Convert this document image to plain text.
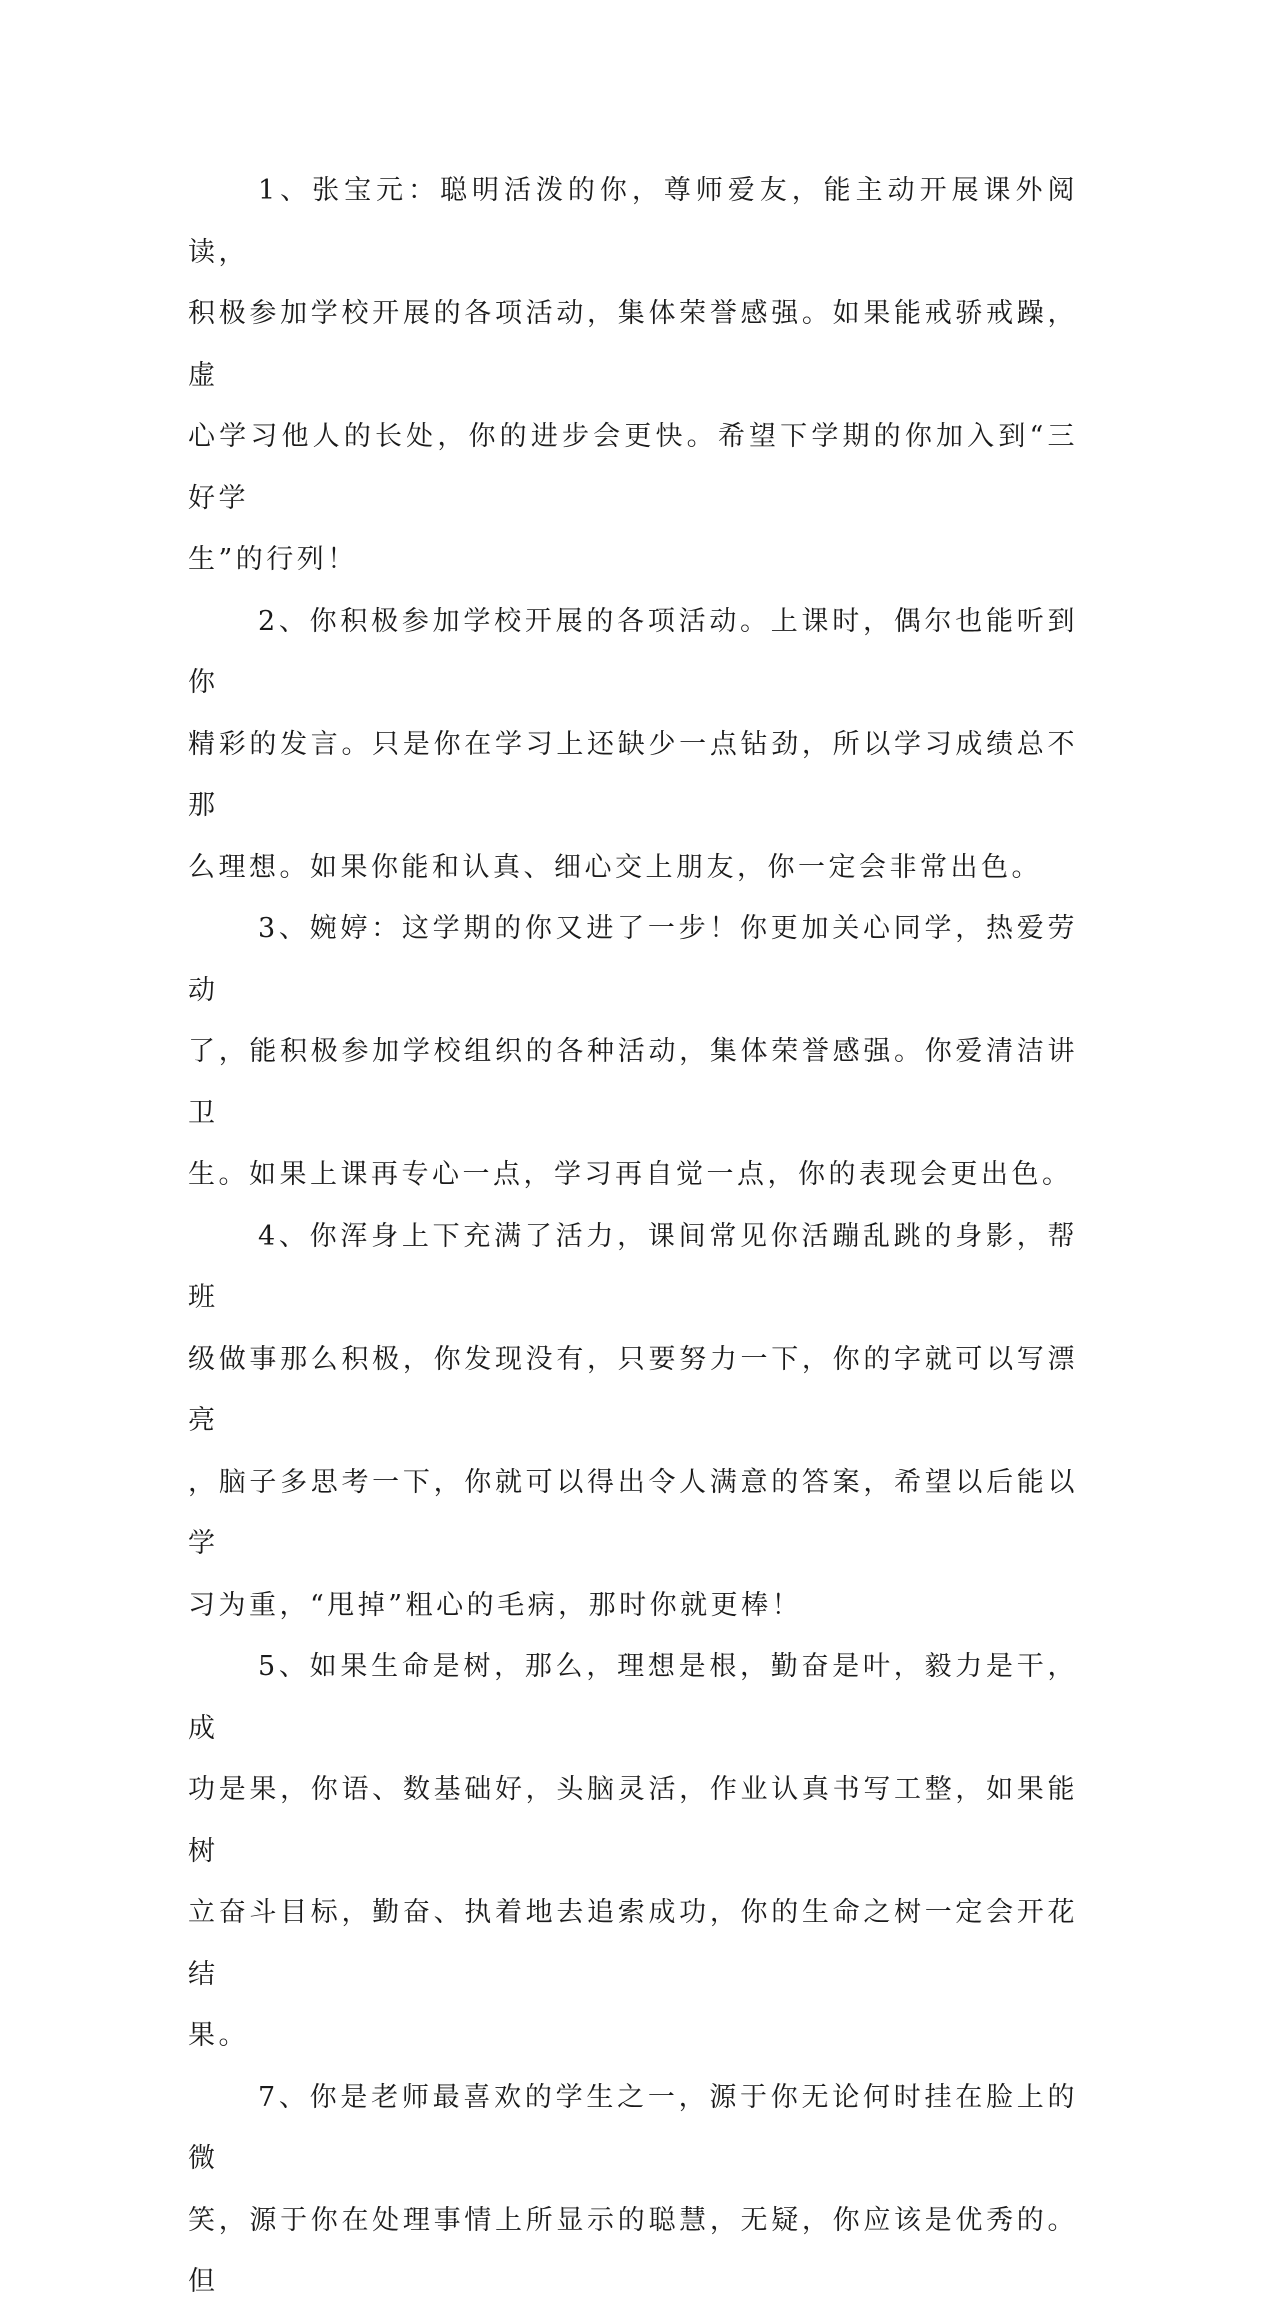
1、张宝元：聪明活泼的你，尊师爱友，能主动开展课外阅读，
积极参加学校开展的各项活动，集体荣誉感强。如果能戒骄戒躁，虚
心学习他人的长处，你的进步会更快。希望下学期的你加入到“三好学
生”的行列！

2、你积极参加学校开展的各项活动。上课时，偶尔也能听到你
精彩的发言。只是你在学习上还缺少一点钻劲，所以学习成绩总不那
么理想。如果你能和认真、细心交上朋友，你一定会非常出色。

3、婉婷：这学期的你又进了一步！你更加关心同学，热爱劳动
了，能积极参加学校组织的各种活动，集体荣誉感强。你爱清洁讲卫
生。如果上课再专心一点，学习再自觉一点，你的表现会更出色。

4、你浑身上下充满了活力，课间常见你活蹦乱跳的身影，帮班
级做事那么积极，你发现没有，只要努力一下，你的字就可以写漂亮
，脑子多思考一下，你就可以得出令人满意的答案，希望以后能以学
习为重，“甩掉”粗心的毛病，那时你就更棒！

5、如果生命是树，那么，理想是根，勤奋是叶，毅力是干，成
功是果，你语、数基础好，头脑灵活，作业认真书写工整，如果能树
立奋斗目标，勤奋、执着地去追索成功，你的生命之树一定会开花结
果。

7、你是老师最喜欢的学生之一，源于你无论何时挂在脸上的微
笑，源于你在处理事情上所显示的聪慧，无疑，你应该是优秀的。但
